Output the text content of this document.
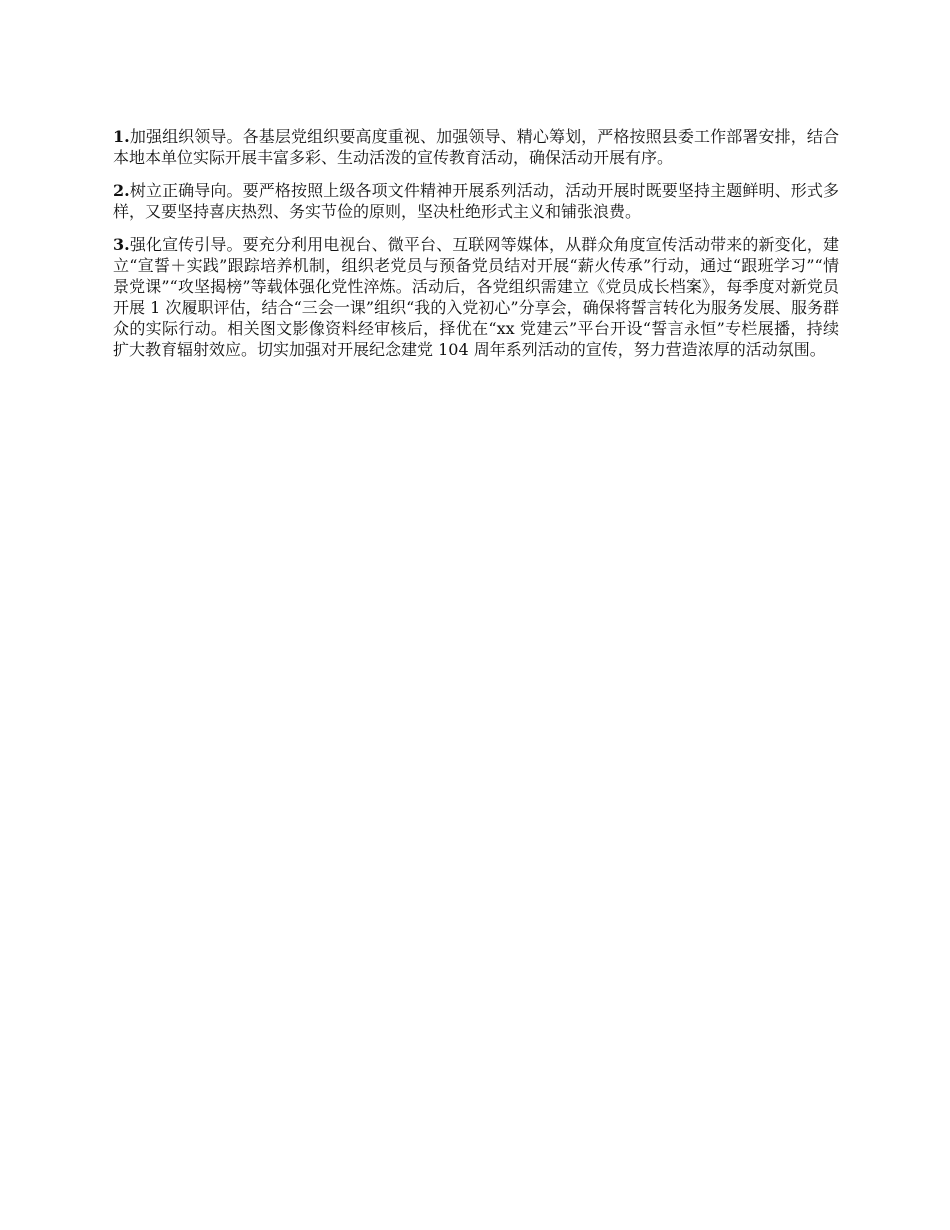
1.加强组织领导。各基层党组织要高度重视、加强领导、精心筹划，严格按照县委工作部署安排，结合本地本单位实际开展丰富多彩、生动活泼的宣传教育活动，确保活动开展有序。

2.树立正确导向。要严格按照上级各项文件精神开展系列活动，活动开展时既要坚持主题鲜明、形式多样，又要坚持喜庆热烈、务实节俭的原则，坚决杜绝形式主义和铺张浪费。

3.强化宣传引导。要充分利用电视台、微平台、互联网等媒体，从群众角度宣传活动带来的新变化，建立“宣誓＋实践”跟踪培养机制，组织老党员与预备党员结对开展“薪火传承”行动，通过“跟班学习”“情景党课”“攻坚揭榜”等载体强化党性淬炼。活动后，各党组织需建立《党员成长档案》，每季度对新党员开展 1 次履职评估，结合“三会一课”组织“我的入党初心”分享会，确保将誓言转化为服务发展、服务群众的实际行动。相关图文影像资料经审核后，择优在“xx 党建云”平台开设“誓言永恒”专栏展播，持续扩大教育辐射效应。切实加强对开展纪念建党 104 周年系列活动的宣传，努力营造浓厚的活动氛围。
